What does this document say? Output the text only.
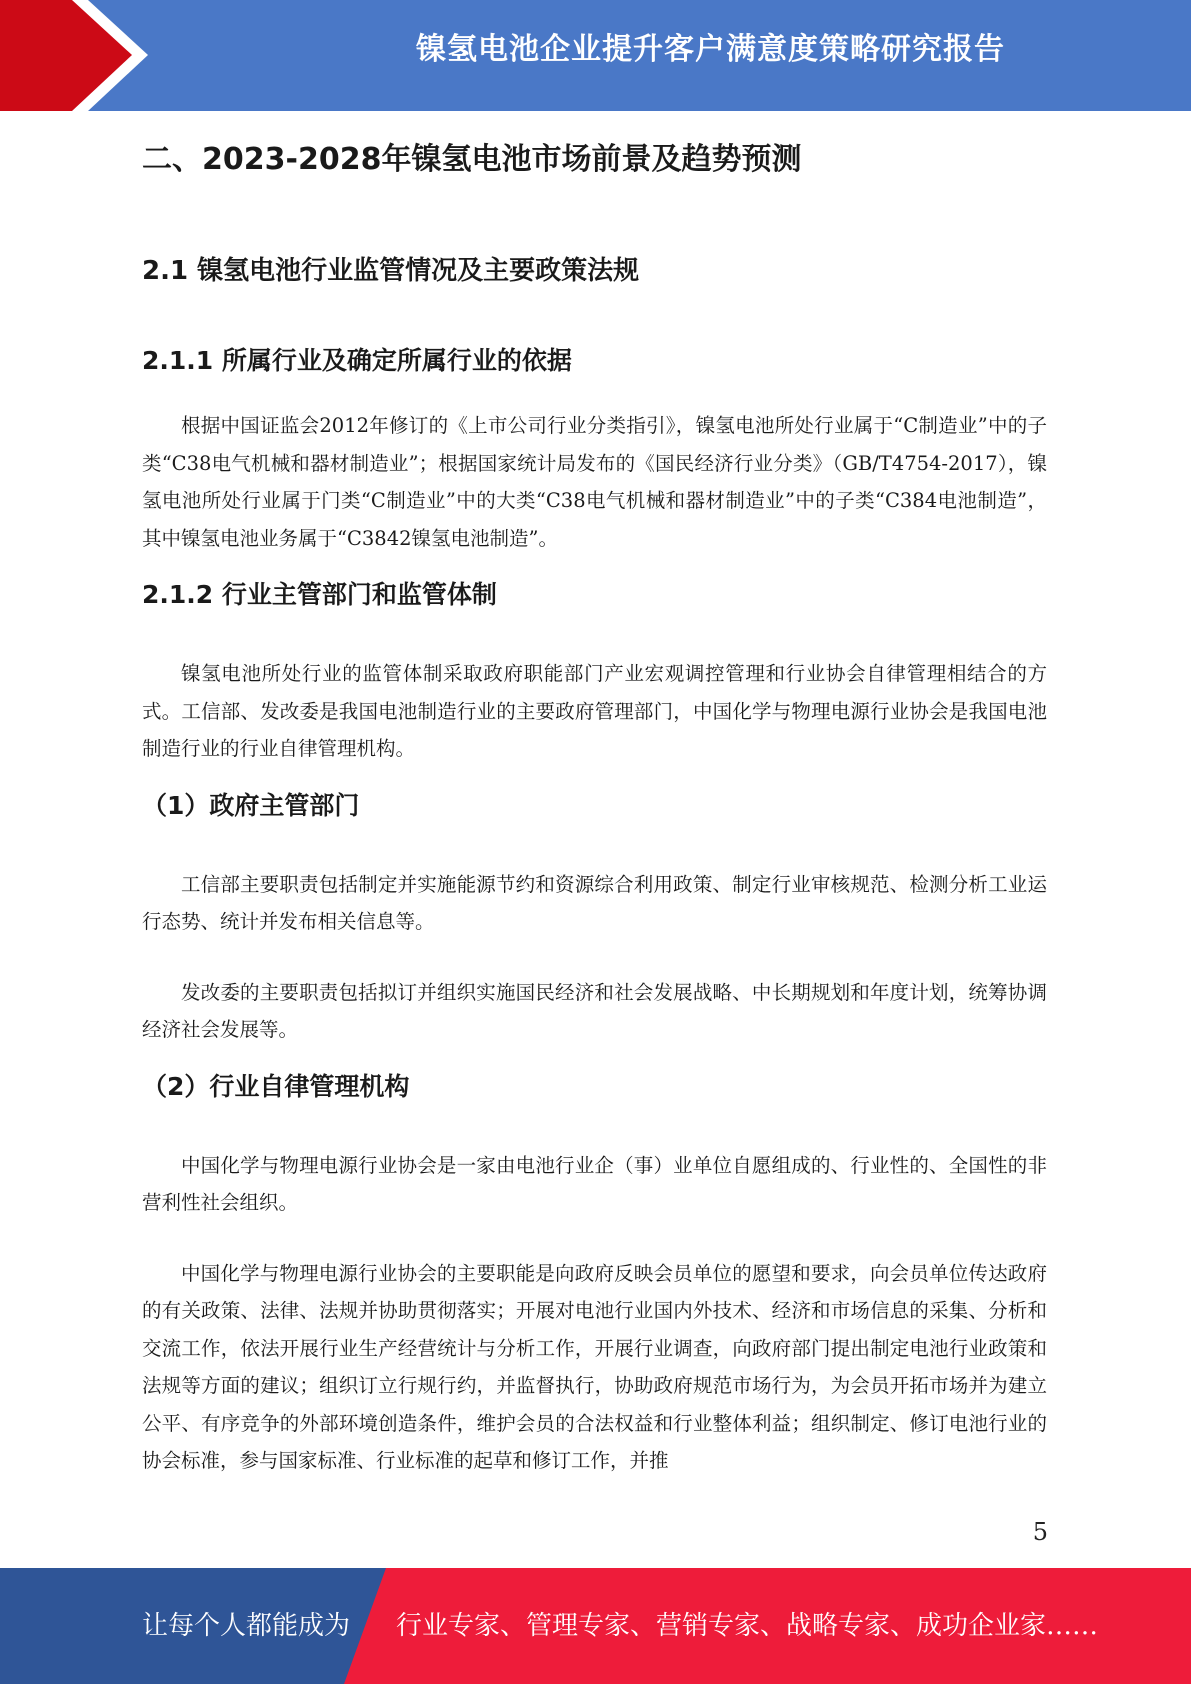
镍氢电池企业提升客户满意度策略研究报告
二、2023-2028年镍氢电池市场前景及趋势预测
2.1 镍氢电池行业监管情况及主要政策法规
2.1.1 所属行业及确定所属行业的依据

根据中国证监会2012年修订的《上市公司行业分类指引》，镍氢电池所处行业属于“C制造业”中的子类“C38电气机械和器材制造业”；根据国家统计局发布的《国民经济行业分类》（GB/T4754-2017），镍氢电池所处行业属于门类“C制造业”中的大类“C38电气机械和器材制造业”中的子类“C384电池制造”，其中镍氢电池业务属于“C3842镍氢电池制造”。

2.1.2 行业主管部门和监管体制

镍氢电池所处行业的监管体制采取政府职能部门产业宏观调控管理和行业协会自律管理相结合的方式。工信部、发改委是我国电池制造行业的主要政府管理部门，中国化学与物理电源行业协会是我国电池制造行业的行业自律管理机构。

（1）政府主管部门

工信部主要职责包括制定并实施能源节约和资源综合利用政策、制定行业审核规范、检测分析工业运行态势、统计并发布相关信息等。

发改委的主要职责包括拟订并组织实施国民经济和社会发展战略、中长期规划和年度计划，统筹协调经济社会发展等。

（2）行业自律管理机构

中国化学与物理电源行业协会是一家由电池行业企（事）业单位自愿组成的、行业性的、全国性的非营利性社会组织。

中国化学与物理电源行业协会的主要职能是向政府反映会员单位的愿望和要求，向会员单位传达政府的有关政策、法律、法规并协助贯彻落实；开展对电池行业国内外技术、经济和市场信息的采集、分析和交流工作，依法开展行业生产经营统计与分析工作，开展行业调查，向政府部门提出制定电池行业政策和法规等方面的建议；组织订立行规行约，并监督执行，协助政府规范市场行为，为会员开拓市场并为建立公平、有序竞争的外部环境创造条件，维护会员的合法权益和行业整体利益；组织制定、修订电池行业的协会标准，参与国家标准、行业标准的起草和修订工作，并推

5
让每个人都能成为 行业专家、管理专家、营销专家、战略专家、成功企业家……
